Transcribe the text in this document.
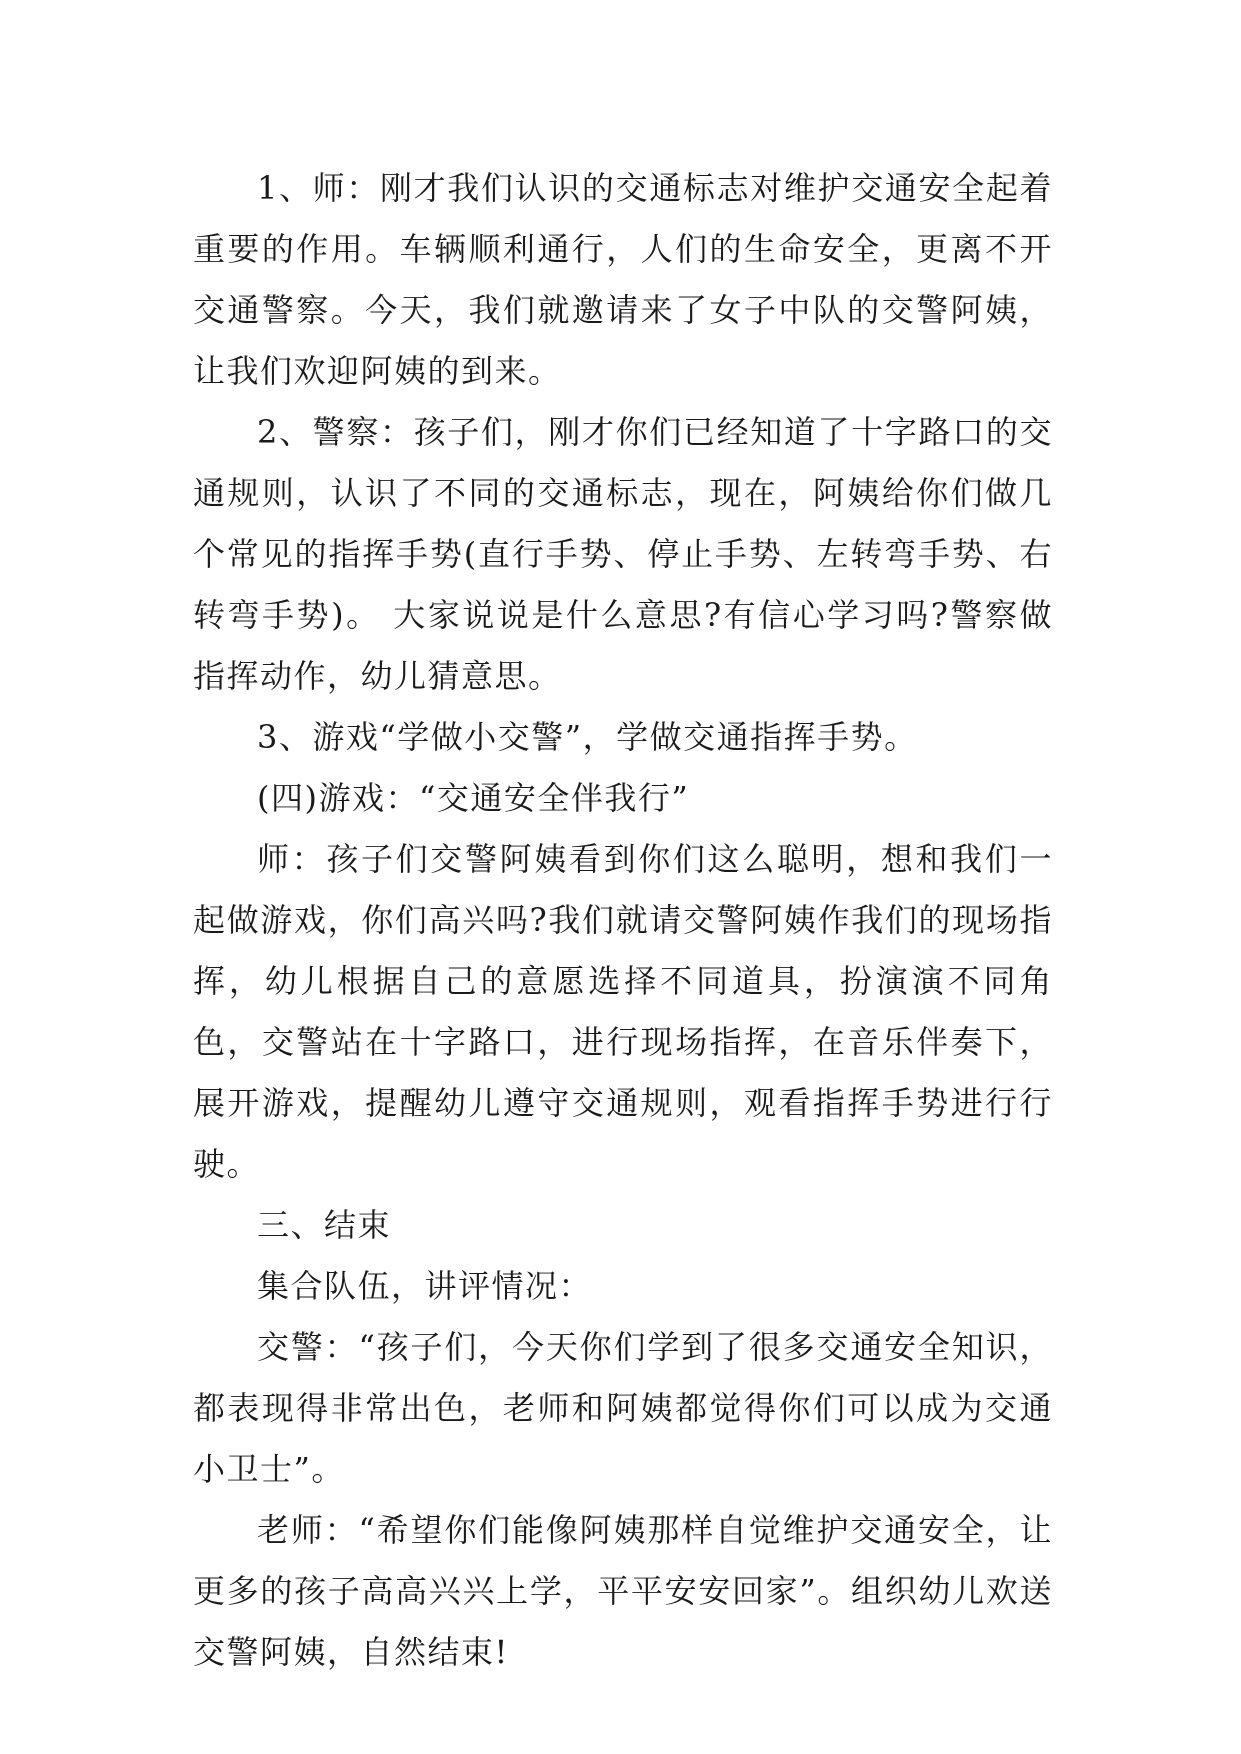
1、师：刚才我们认识的交通标志对维护交通安全起着重要的作用。车辆顺利通行，人们的生命安全，更离不开交通警察。今天，我们就邀请来了女子中队的交警阿姨，让我们欢迎阿姨的到来。

2、警察：孩子们，刚才你们已经知道了十字路口的交通规则，认识了不同的交通标志，现在，阿姨给你们做几个常见的指挥手势(直行手势、停止手势、左转弯手势、右转弯手势)。 大家说说是什么意思?有信心学习吗?警察做指挥动作，幼儿猜意思。

3、游戏“学做小交警”，学做交通指挥手势。

(四)游戏：“交通安全伴我行”

师：孩子们交警阿姨看到你们这么聪明，想和我们一起做游戏，你们高兴吗?我们就请交警阿姨作我们的现场指挥，幼儿根据自己的意愿选择不同道具，扮演演不同角色，交警站在十字路口，进行现场指挥，在音乐伴奏下，展开游戏，提醒幼儿遵守交通规则，观看指挥手势进行行驶。

三、结束

集合队伍，讲评情况：

交警：“孩子们，今天你们学到了很多交通安全知识，都表现得非常出色，老师和阿姨都觉得你们可以成为交通小卫士”。

老师：“希望你们能像阿姨那样自觉维护交通安全，让更多的孩子高高兴兴上学，平平安安回家”。组织幼儿欢送交警阿姨，自然结束!
